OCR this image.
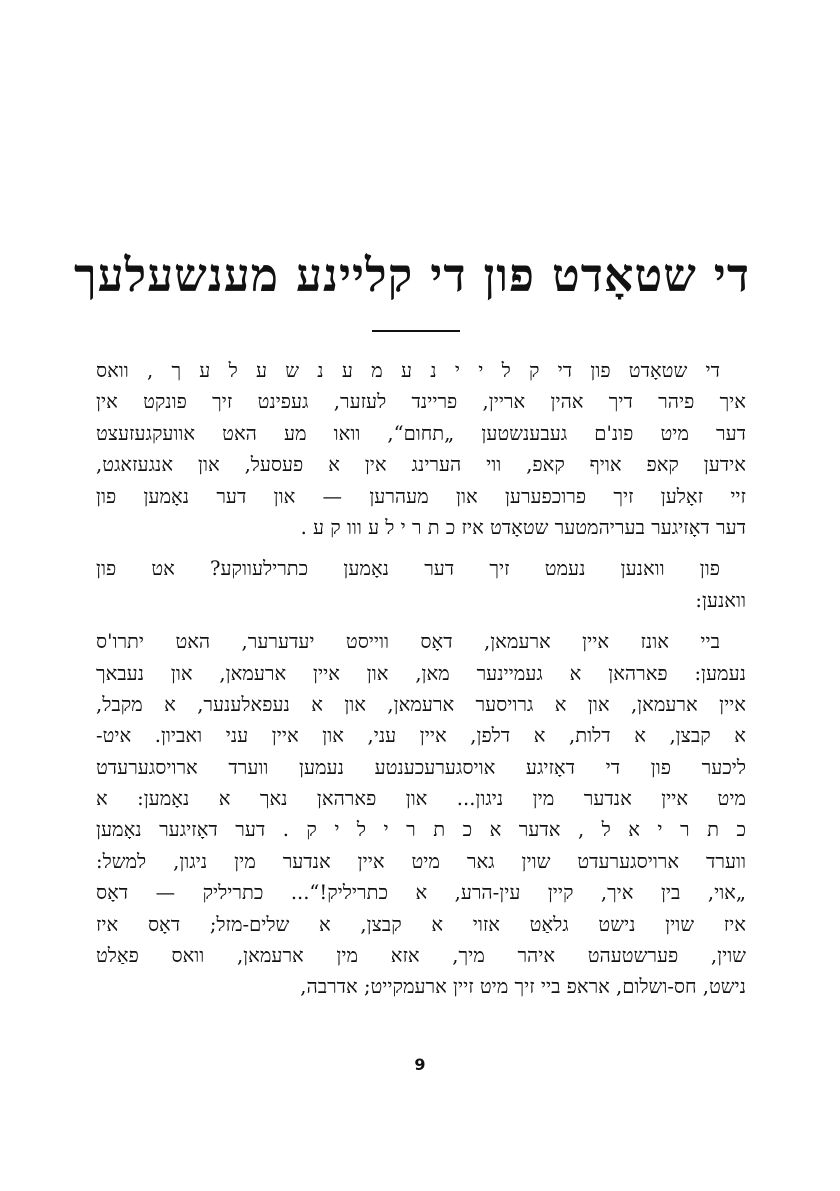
די שטאָדט פון די קליינע מענשעלעך
די שטאָדט פון די ק ל י י נ ע מ ע נ ש ע ל ע ך , וואס
איך פיהר דיך אהין אריין, פריינד לעזער, געפינט זיך פונקט אין
דער מיט פונ'ם געבענשטען „תחום“, וואו מע האט אוועקגעזעצט
אידען קאפ אויף קאפ, ווי הערינג אין א פעסעל, און אנגעזאגט,
זיי זאָלען זיך פרוכפערען און מעהרען — און דער נאָמען פון
דער דאָזיגער בעריהמטער שטאָדט איז כ ת ר י ל ע ווו ק ע .
פון וואנען נעמט זיך דער נאָמען כתרילעווקע? אט פון
וואנען:
ביי אונז איין ארעמאן, דאָס ווייסט יעדערער, האט יתרו'ס
נעמען: פארהאן א געמיינער מאן, און איין ארעמאן, און נעבאך
איין ארעמאן, און א גרויסער ארעמאן, און א נעפאלענער, א מקבל,
א קבצן, א דלות, א דלפן, איין עני, און איין עני ואביון. איט-
ליכער פון די דאָזיגע אויסגערעכענטע נעמען ווערד ארויסגערעדט
מיט איין אנדער מין ניגון... און פארהאן נאך א נאָמען: א
כ ת ר י א ל , אדער א כ ת ר י ל י ק . דער דאָזיגער נאָמען
ווערד ארויסגערעדט שוין גאר מיט איין אנדער מין ניגון, למשל:
„אוי, בין איך, קיין עין-הרע, א כתריליק!“... כתריליק — דאָס
איז שוין נישט גלאַט אזוי א קבצן, א שלים-מזל; דאָס איז
שוין, פערשטעהט איהר מיך, אזא מין ארעמאן, וואס פאַלט
נישט, חס-ושלום, אראפ ביי זיך מיט זיין ארעמקייט; אדרבה,
9
